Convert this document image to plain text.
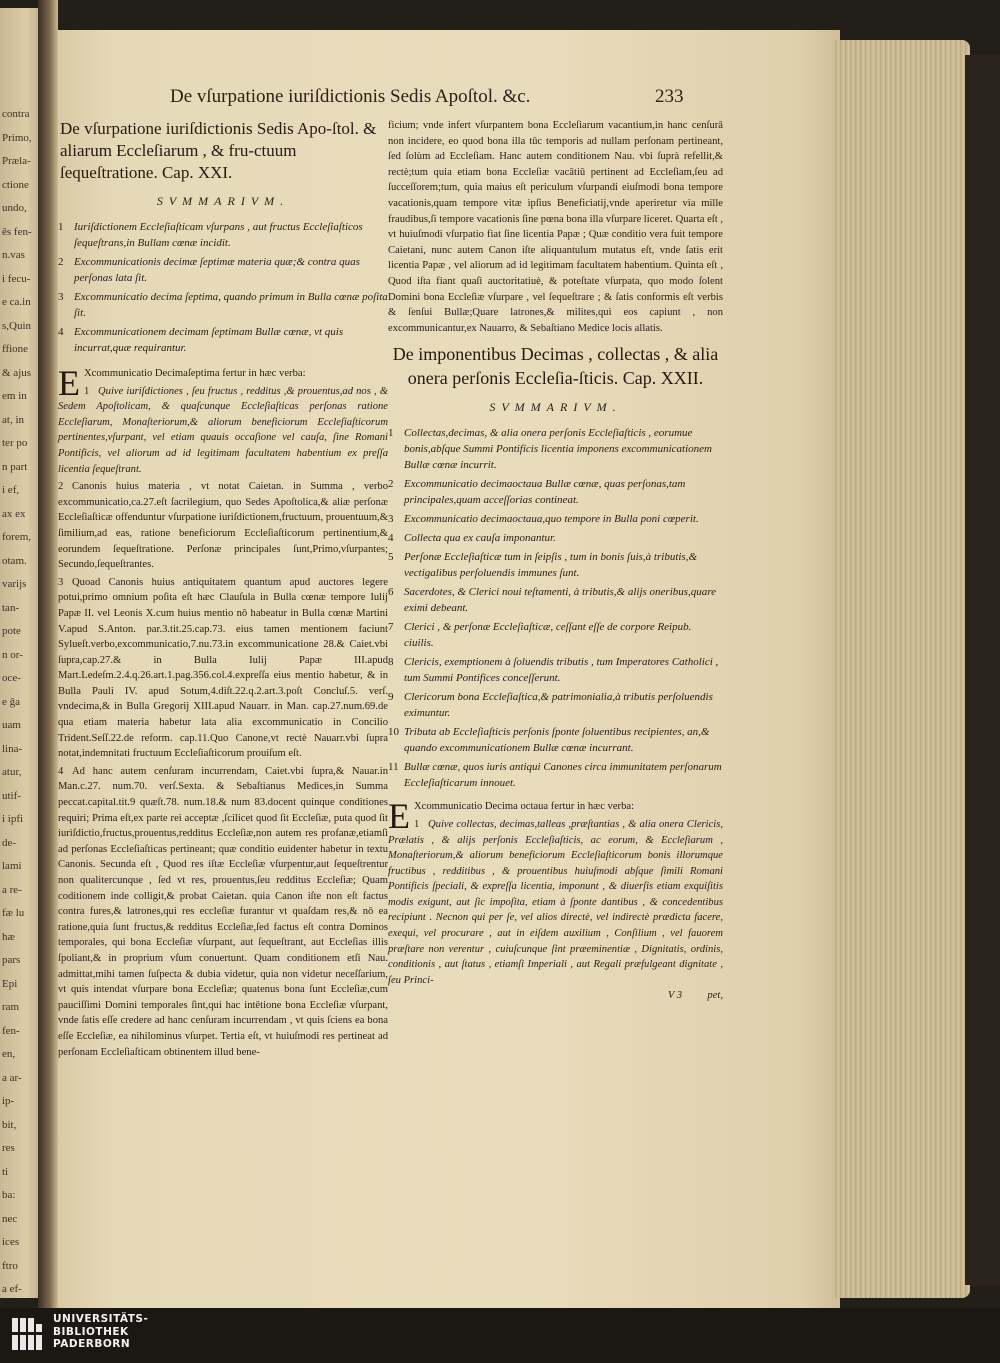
contra
Primo,
Præla-
ctione
undo,
ês fen-
n.vas
i fecu-
e ca.in
s,Quin
ffione
& ajus
em in
at, in
ter po
n part
i ef,
ax ex
forem,
otam.
varijs
tan-
pote
n or-
oce-
e ĝa
uam
lina-
atur,
utif-
i ipfi
de-
lami
a re-
fæ lu
hæ
pars
Epi
ram
fen-
en,
a ar-
ip-
bit,
res
ti
ba:
nec
ices
ftro
a ef-
De vſurpatione iuriſdictionis Sedis Apoſtol. &c.	233
De vſurpatione iuriſdictionis Sedis Apo-ſtol. & aliarum Eccleſiarum , & fru-ctuum ſequeſtratione. Cap. XXI.
SVMMARIVM.
1 Iuriſdictionem Eccleſiaſticam vſurpans , aut fructus Eccleſiaſticos ſequeſtrans,in Bullam cœnæ incidit.
2 Excommunicationis decimæ ſeptimæ materia quæ;& contra quas perſonas lata ſit.
3 Excommunicatio decima ſeptima, quando primum in Bulla cœnæ poſita ſit.
4 Excommunicationem decimam ſeptimam Bullæ cœnæ, vt quis incurrat,quæ requirantur.

E Xcommunicatio Decimaſeptima fertur in hæc verba:

1 Quive iuriſdictiones , ſeu fructus , redditus ,& prouentus,ad nos , & Sedem Apoſtolicam, & quaſcunque Eccleſiaſticas perſonas ratione Eccleſiarum, Monaſteriorum,& aliorum beneficiorum Eccleſiaſticorum pertinentes,vſurpant, vel etiam quauis occaſione vel cauſa, ſine Romani Pontificis, vel aliorum ad id legitimam facultatem habentium ex preſſa licentia ſequeſtrant.

2 Canonis huius materia , vt notat Caietan. in Summa , verbo excommunicatio,ca.27.eſt ſacrilegium, quo Sedes Apoſtolica,& aliæ perſonæ Eccleſiaſticæ offenduntur vſurpatione iuriſdictionem,fructuum, prouentuum,& ſimilium,ad eas, ratione beneficiorum Eccleſiaſticorum pertinentium,& eorundem ſequeſtratione. Perſonæ principales ſunt,Primo,vſurpantes; Secundo,ſequeſtrantes.

3 Quoad Canonis huius antiquitatem quantum apud auctores legere potui,primo omnium poſita eſt hæc Clauſula in Bulla cœnæ tempore Iulij Papæ II. vel Leonis X.cum huius mentio nō habeatur in Bulla cœnæ Martini V.apud S.Anton. par.3.tit.25.cap.73. eius tamen mentionem faciunt Sylueſt.verbo,excommunicatio,7.nu.73.in excommunicatione 28.& Caiet.vbi ſupra,cap.27.& in Bulla Iulij Papæ III.apud Mart.Ledeſm.2.4.q.26.art.1.pag.356.col.4.expreſſa eius mentio habetur, & in Bulla Pauli IV. apud Sotum,4.diſt.22.q.2.art.3.poſt Concluſ.5. verſ. vndecima,& in Bulla Gregorij XIII.apud Nauarr. in Man. cap.27.num.69.de qua etiam materia habetur lata alia excommunicatio in Concilio Trident.Seſſ.22.de reform. cap.11.Quo Canone,vt rectè Nauarr.vbi ſupra notat,indemnitati fructuum Eccleſiaſticorum prouiſum eſt.

4 Ad hanc autem cenſuram incurrendam, Caiet.vbi ſupra,& Nauar.in Man.c.27. num.70. verſ.Sexta. & Sebaſtianus Medices,in Summa peccat.capital.tit.9 quæſt.78. num.18.& num 83.docent quinque conditiones requiri; Prima eſt,ex parte rei acceptæ ,ſcilicet quod ſit Eccleſiæ, puta quod ſit iuriſdictio,fructus,prouentus,redditus Eccleſiæ,non autem res profanæ,etiamſi ad perſonas Eccleſiaſticas pertineant; quæ conditio euidenter habetur in textu Canonis. Secunda eſt , Quod res iſtæ Eccleſiæ vſurpentur,aut ſequeſtrentur non qualitercunque , ſed vt res, prouentus,ſeu redditus Eccleſiæ; Quam coditionem inde colligit,& probat Caietan. quia Canon iſte non eſt factus contra fures,& latrones,qui res eccleſiæ furantur vt quaſdam res,& nō ea ratione,quia ſunt fructus,& redditus Eccleſiæ,ſed factus eſt contra Dominos temporales, qui bona Eccleſiæ vſurpant, aut ſequeſtrant, aut Eccleſias illis ſpoliant,& in proprium vſum conuertunt. Quam conditionem etſi Nau. admittat,mihi tamen ſuſpecta & dubia videtur, quia non videtur neceſſarium, vt quis intendat vſurpare bona Eccleſiæ; quatenus bona ſunt Eccleſiæ,cum pauciſſimi Domini temporales ſint,qui hac intētione bona Eccleſiæ vſurpant, vnde ſatis eſſe credere ad hanc cenſuram incurrendam , vt quis ſciens ea bona eſſe Eccleſiæ, ea nihilominus vſurpet. Tertia eſt, vt huiuſmodi res pertineat ad perſonam Eccleſiaſticam obtinentem illud bene-

ficium; vnde infert vſurpantem bona Eccleſiarum vacantium,in hanc cenſurā non incidere, eo quod bona illa tūc temporis ad nullam perſonam pertineant, ſed ſolùm ad Eccleſiam. Hanc autem conditionem Nau. vbi ſuprà refellit,& rectè;tum quia etiam bona Eccleſiæ vacātiū pertinent ad Eccleſiam,ſeu ad ſucceſſorem;tum, quia maius eſt periculum vſurpandi eiuſmodi bona tempore vacationis,quam tempore vitæ ipſius Beneficiatij,vnde aperiretur via mille fraudibus,ſi tempore vacationis ſine pœna bona illa vſurpare liceret. Quarta eſt , vt huiuſmodi vſurpatio fiat ſine licentia Papæ ; Quæ conditio vera fuit tempore Caietani, nunc autem Canon iſte aliquantulum mutatus eſt, vnde ſatis erit licentia Papæ , vel aliorum ad id legitimam facultatem habentium. Quinta eſt , Quod iſta fiant quaſi auctoritatiuè, & poteſtate vſurpata, quo modo ſolent Domini bona Eccleſiæ vſurpare , vel ſequeſtrare ; & ſatis conformis eſt verbis & ſenſui Bullæ;Quare latrones,& milites,qui eos capiunt , non excommunicantur,ex Nauarro, & Sebaſtiano Medice locis allatis.

De imponentibus Decimas , collectas , & alia onera perſonis Eccleſia-ſticis. Cap. XXII.
SVMMARIVM.
1 Collectas,decimas, & alia onera perſonis Eccleſiaſticis , eorumue bonis,abſque Summi Pontificis licentia imponens excommunicationem Bullæ cœnæ incurrit.
2 Excommunicatio decimaoctaua Bullæ cœnæ, quas perſonas,tam principales,quam acceſſorias contineat.
3 Excommunicatio decimaoctaua,quo tempore in Bulla poni cœperit.
4 Collecta qua ex cauſa imponantur.
5 Perſonæ Eccleſiaſticæ tum in ſeipſis , tum in bonis ſuis,à tributis,& vectigalibus perſoluendis immunes ſunt.
6 Sacerdotes, & Clerici noui teſtamenti, à tributis,& alijs oneribus,quare eximi debeant.
7 Clerici , & perſonæ Eccleſiaſticæ, ceſſant eſſe de corpore Reipub. ciuilis.
8 Clericis, exemptionem à ſoluendis tributis , tum Imperatores Catholici , tum Summi Pontifices conceſſerunt.
9 Clericorum bona Eccleſiaſtica,& patrimonialia,à tributis perſoluendis eximuntur.
10 Tributa ab Eccleſiaſticis perſonis ſponte ſoluentibus recipientes, an,& quando excommunicationem Bullæ cœnæ incurrant.
11 Bullæ cœnæ, quos iuris antiqui Canones circa immunitatem perſonarum Eccleſiaſticarum innouet.

E Xcommunicatio Decima octaua fertur in hæc verba:

1 Quive collectas, decimas,talleas ,præſtantias , & alia onera Clericis, Prælatis , & alijs perſonis Eccleſiaſticis, ac eorum, & Eccleſiarum , Monaſteriorum,& aliorum beneficiorum Eccleſiaſticorum bonis illorumque fructibus , redditibus , & prouentibus huiuſmodi abſque ſimili Romani Pontificis ſpeciali, & expreſſa licentia, imponunt , & diuerſis etiam exquiſitis modis exigunt, aut ſic impoſita, etiam à ſponte dantibus , & concedentibus recipiunt . Necnon qui per ſe, vel alios directè, vel indirectè prædicta facere, exequi, vel procurare , aut in eiſdem auxilium , Conſilium , vel fauorem præſtare non verentur , cuiuſcunque ſint præeminentiæ , Dignitatis, ordinis, conditionis , aut ſtatus , etiamſi Imperiali , aut Regali præfulgeant dignitate , ſeu Princi-

V 3 pet,
UNIVERSITÄTS-
BIBLIOTHEK
PADERBORN
